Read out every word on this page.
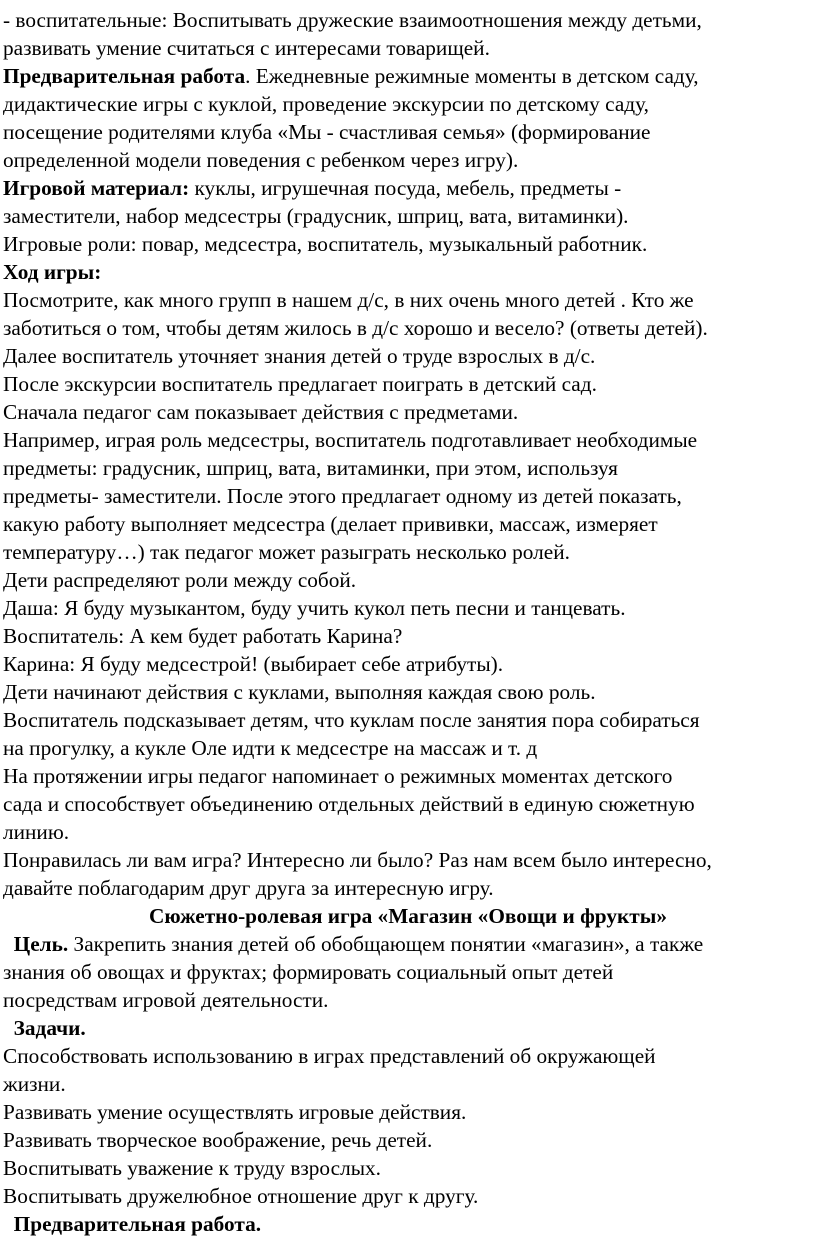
- воспитательные: Воспитывать дружеские взаимоотношения между детьми,
развивать умение считаться с интересами товарищей.
Предварительная работа. Ежедневные режимные моменты в детском саду,
дидактические игры с куклой, проведение экскурсии по детскому саду,
посещение родителями клуба «Мы - счастливая семья» (формирование
определенной модели поведения с ребенком через игру).
Игровой материал: куклы, игрушечная посуда, мебель, предметы -
заместители, набор медсестры (градусник, шприц, вата, витаминки).
Игровые роли: повар, медсестра, воспитатель, музыкальный работник.
Ход игры:
Посмотрите, как много групп в нашем д/с, в них очень много детей . Кто же
заботиться о том, чтобы детям жилось в д/с хорошо и весело? (ответы детей).
Далее воспитатель уточняет знания детей о труде взрослых в д/с.
После экскурсии воспитатель предлагает поиграть в детский сад.
Сначала педагог сам показывает действия с предметами.
Например, играя роль медсестры, воспитатель подготавливает необходимые
предметы: градусник, шприц, вата, витаминки, при этом, используя
предметы- заместители. После этого предлагает одному из детей показать,
какую работу выполняет медсестра (делает прививки, массаж, измеряет
температуру…) так педагог может разыграть несколько ролей.
Дети распределяют роли между собой.
Даша: Я буду музыкантом, буду учить кукол петь песни и танцевать.
Воспитатель: А кем будет работать Карина?
Карина: Я буду медсестрой! (выбирает себе атрибуты).
Дети начинают действия с куклами, выполняя каждая свою роль.
Воспитатель подсказывает детям, что куклам после занятия пора собираться
на прогулку, а кукле Оле идти к медсестре на массаж и т. д
На протяжении игры педагог напоминает о режимных моментах детского
сада и способствует объединению отдельных действий в единую сюжетную
линию.
Понравилась ли вам игра? Интересно ли было? Раз нам всем было интересно,
давайте поблагодарим друг друга за интересную игру.
Сюжетно-ролевая игра «Магазин «Овощи и фрукты»
Цель. Закрепить знания детей об обобщающем понятии «магазин», а также
знания об овощах и фруктах; формировать социальный опыт детей
посредствам игровой деятельности.
Задачи.
Способствовать использованию в играх представлений об окружающей
жизни.
Развивать умение осуществлять игровые действия.
Развивать творческое воображение, речь детей.
Воспитывать уважение к труду взрослых.
Воспитывать дружелюбное отношение друг к другу.
Предварительная работа.
